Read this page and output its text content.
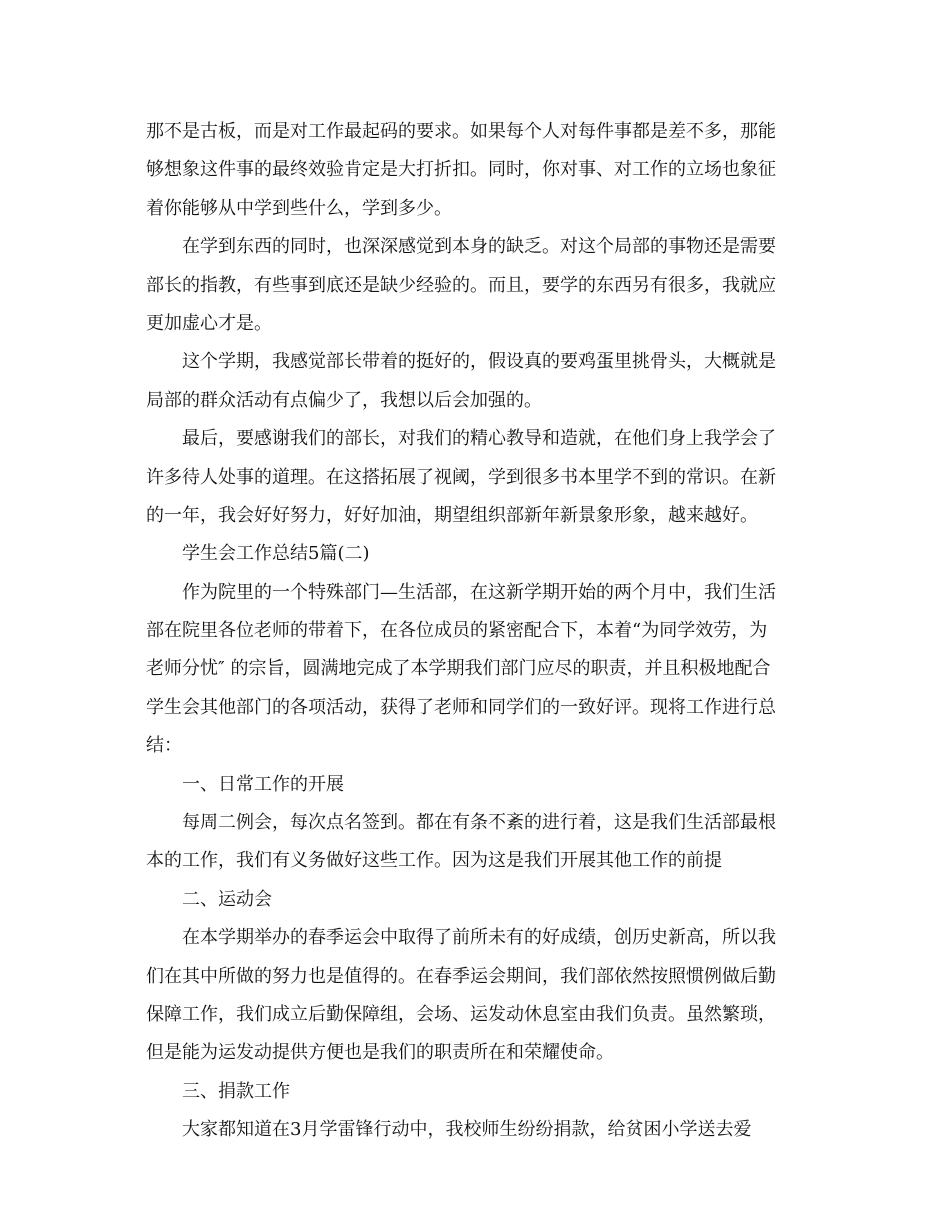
那不是古板，而是对工作最起码的要求。如果每个人对每件事都是差不多，那能
够想象这件事的最终效验肯定是大打折扣。同时，你对事、对工作的立场也象征
着你能够从中学到些什么，学到多少。
在学到东西的同时，也深深感觉到本身的缺乏。对这个局部的事物还是需要
部长的指教，有些事到底还是缺少经验的。而且，要学的东西另有很多，我就应
更加虚心才是。
这个学期，我感觉部长带着的挺好的，假设真的要鸡蛋里挑骨头，大概就是
局部的群众活动有点偏少了，我想以后会加强的。
最后，要感谢我们的部长，对我们的精心教导和造就，在他们身上我学会了
许多待人处事的道理。在这搭拓展了视阈，学到很多书本里学不到的常识。在新
的一年，我会好好努力，好好加油，期望组织部新年新景象形象，越来越好。
学生会工作总结5篇(二)
作为院里的一个特殊部门—生活部，在这新学期开始的两个月中，我们生活
部在院里各位老师的带着下，在各位成员的紧密配合下，本着“为同学效劳，为
老师分忧″ 的宗旨，圆满地完成了本学期我们部门应尽的职责，并且积极地配合
学生会其他部门的各项活动，获得了老师和同学们的一致好评。现将工作进行总
结：
一、日常工作的开展
每周二例会，每次点名签到。都在有条不紊的进行着，这是我们生活部最根
本的工作，我们有义务做好这些工作。因为这是我们开展其他工作的前提
二、运动会
在本学期举办的春季运会中取得了前所未有的好成绩，创历史新高，所以我
们在其中所做的努力也是值得的。在春季运会期间，我们部依然按照惯例做后勤
保障工作，我们成立后勤保障组，会场、运发动休息室由我们负责。虽然繁琐，
但是能为运发动提供方便也是我们的职责所在和荣耀使命。
三、捐款工作
大家都知道在3月学雷锋行动中，我校师生纷纷捐款，给贫困小学送去爱
